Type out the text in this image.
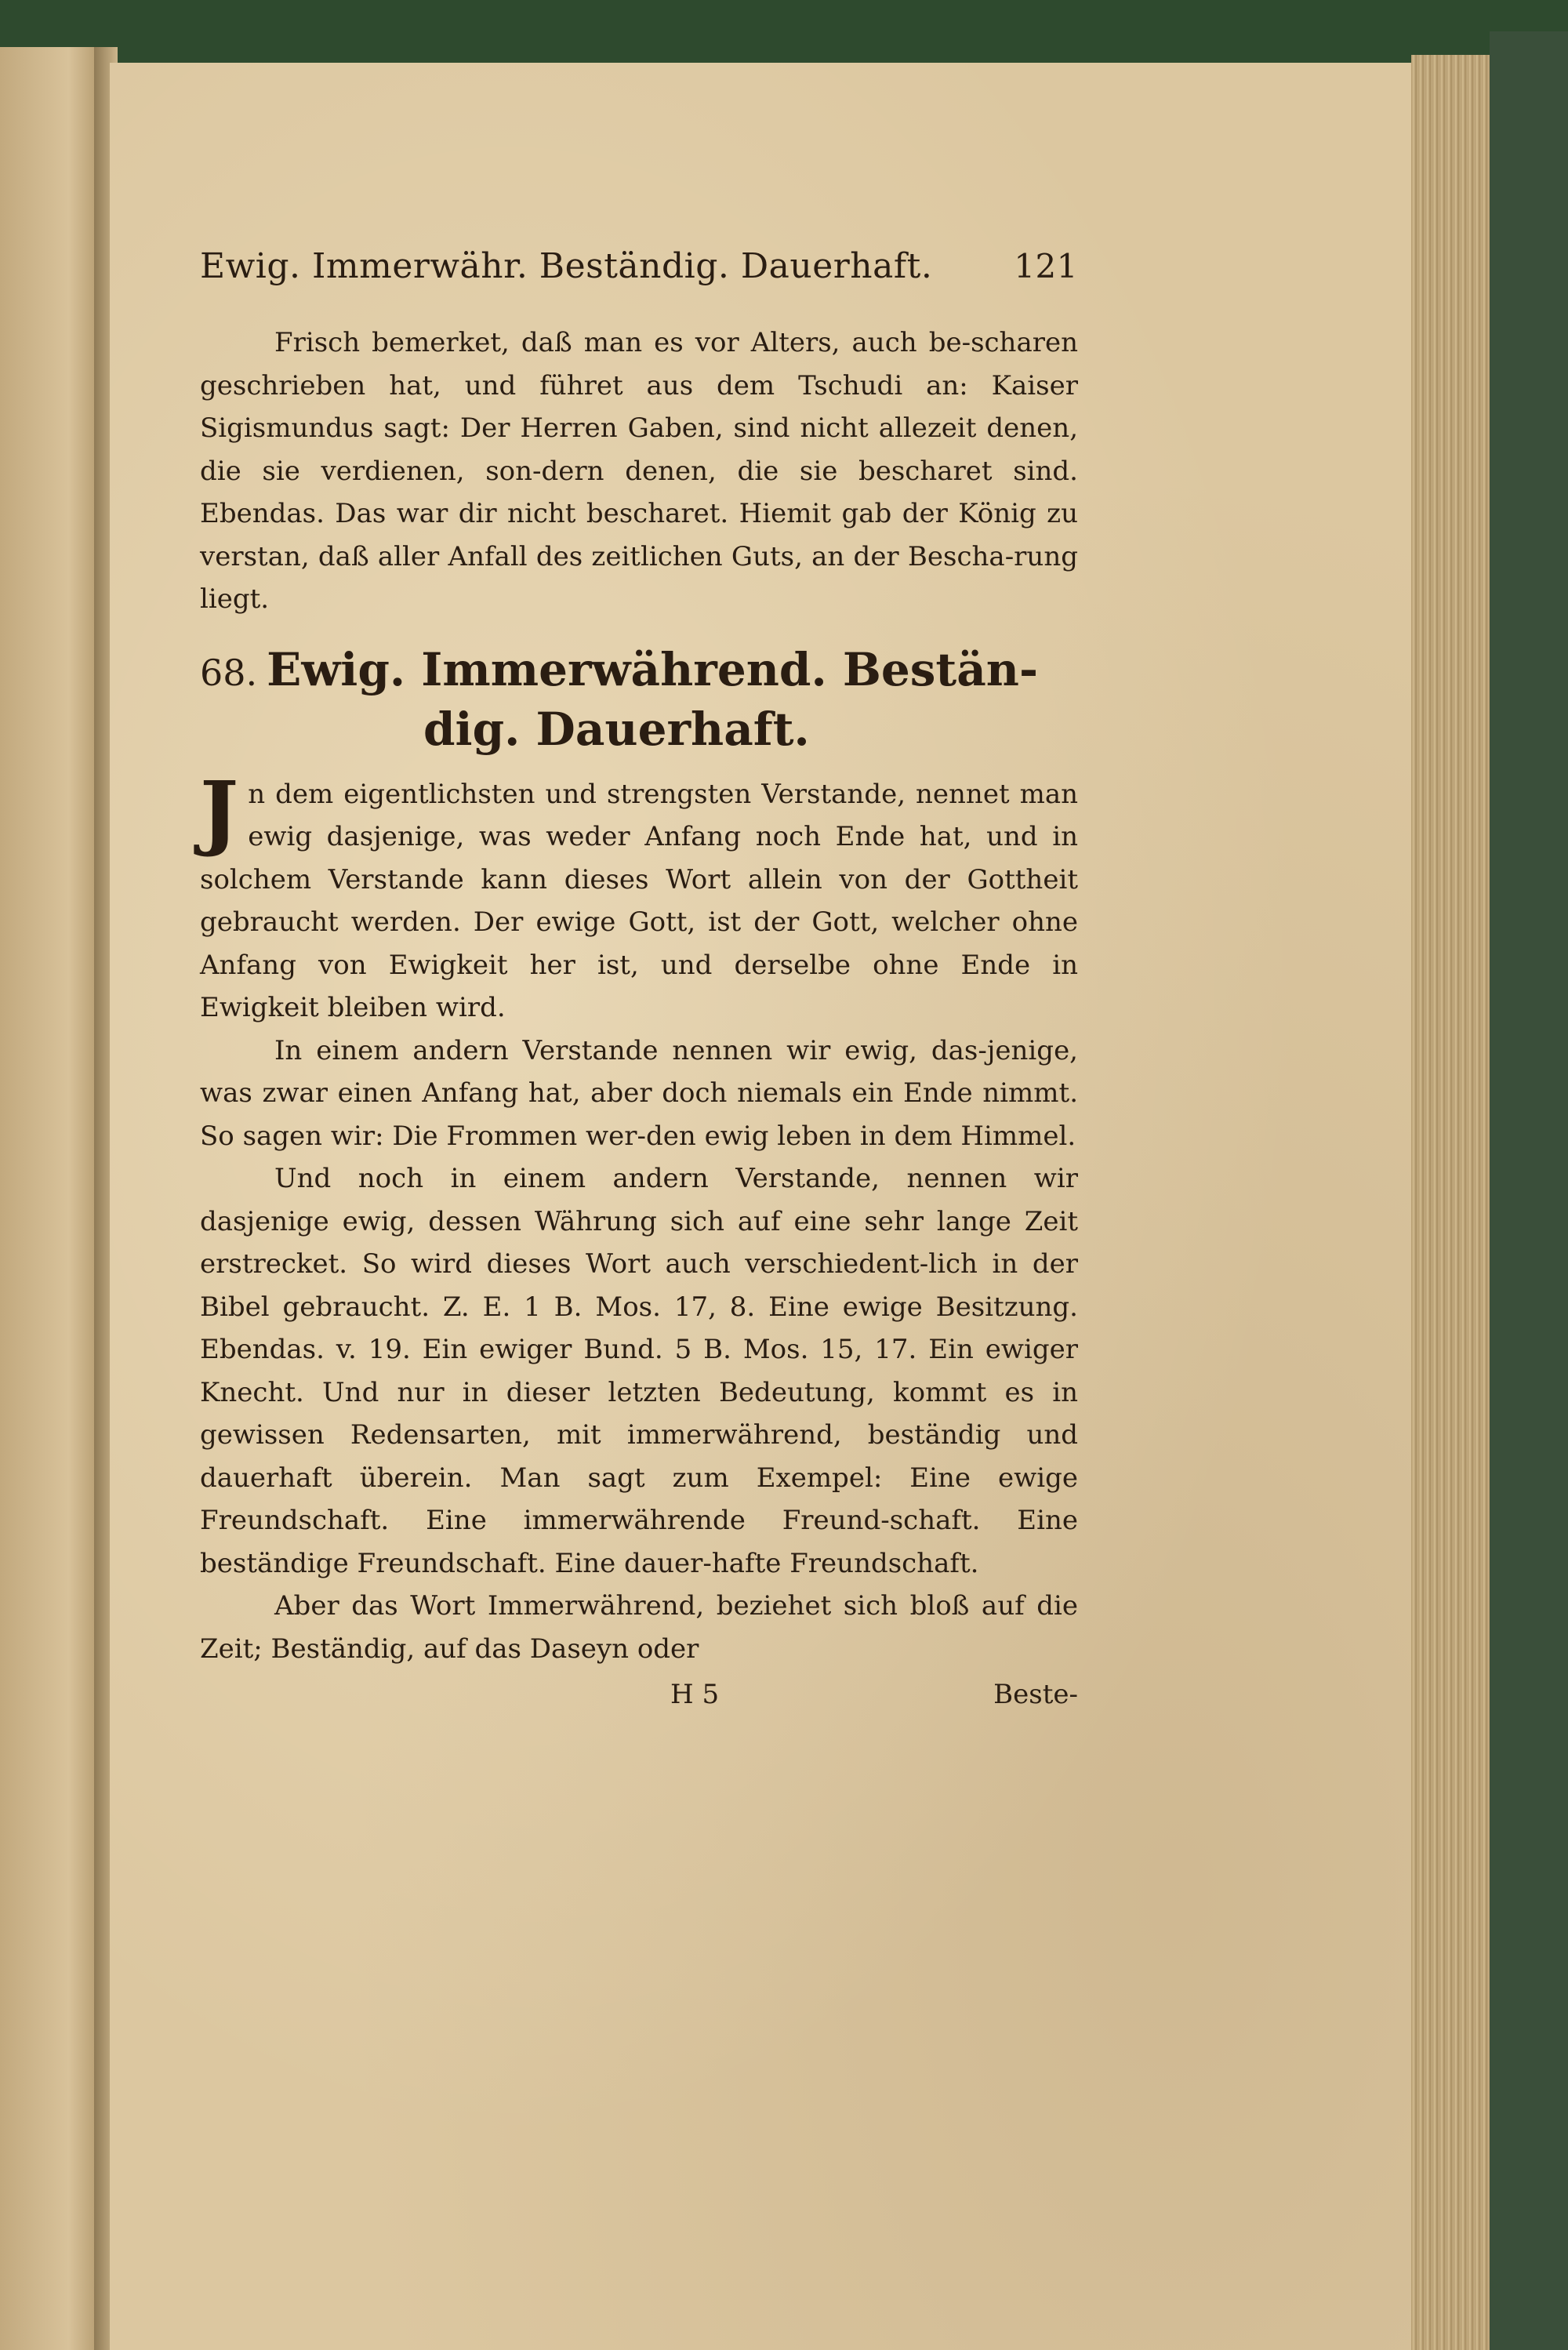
Ewig. Immerwähr. Beständig. Dauerhaft. 121

Frisch bemerket, daß man es vor Alters, auch be-scharen geschrieben hat, und führet aus dem Tschudi an: Kaiser Sigismundus sagt: Der Herren Gaben, sind nicht allezeit denen, die sie verdienen, son-dern denen, die sie bescharet sind. Ebendas. Das war dir nicht bescharet. Hiemit gab der König zu verstan, daß aller Anfall des zeitlichen Guts, an der Bescha-rung liegt.

68. Ewig. Immerwährend. Bestän-
dig. Dauerhaft.

Jn dem eigentlichsten und strengsten Verstande, nennet man ewig dasjenige, was weder Anfang noch Ende hat, und in solchem Verstande kann dieses Wort allein von der Gottheit gebraucht werden. Der ewige Gott, ist der Gott, welcher ohne Anfang von Ewigkeit her ist, und derselbe ohne Ende in Ewigkeit bleiben wird.

In einem andern Verstande nennen wir ewig, das-jenige, was zwar einen Anfang hat, aber doch niemals ein Ende nimmt. So sagen wir: Die Frommen wer-den ewig leben in dem Himmel.

Und noch in einem andern Verstande, nennen wir dasjenige ewig, dessen Währung sich auf eine sehr lange Zeit erstrecket. So wird dieses Wort auch verschiedent-lich in der Bibel gebraucht. Z. E. 1 B. Mos. 17, 8. Eine ewige Besitzung. Ebendas. v. 19. Ein ewiger Bund. 5 B. Mos. 15, 17. Ein ewiger Knecht. Und nur in dieser letzten Bedeutung, kommt es in gewissen Redensarten, mit immerwährend, beständig und dauerhaft überein. Man sagt zum Exempel: Eine ewige Freundschaft. Eine immerwährende Freund-schaft. Eine beständige Freundschaft. Eine dauer-hafte Freundschaft.

Aber das Wort Immerwährend, beziehet sich bloß auf die Zeit; Beständig, auf das Daseyn oder

H 5	Beste-
